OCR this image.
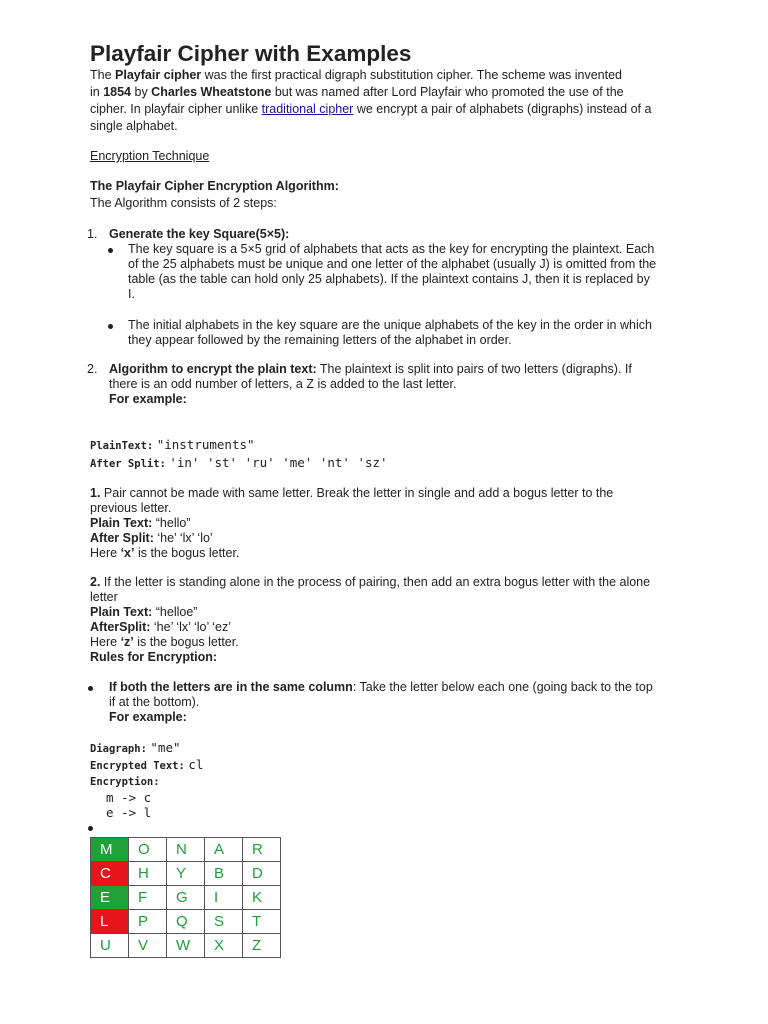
Playfair Cipher with Examples
The Playfair cipher was the first practical digraph substitution cipher. The scheme was invented
in 1854 by Charles Wheatstone but was named after Lord Playfair who promoted the use of the
cipher. In playfair cipher unlike traditional cipher we encrypt a pair of alphabets (digraphs) instead of a
single alphabet.
Encryption Technique
The Playfair Cipher Encryption Algorithm:
The Algorithm consists of 2 steps:
1. Generate the key Square(5×5):
The key square is a 5×5 grid of alphabets that acts as the key for encrypting the plaintext. Each
of the 25 alphabets must be unique and one letter of the alphabet (usually J) is omitted from the
table (as the table can hold only 25 alphabets). If the plaintext contains J, then it is replaced by
I.
The initial alphabets in the key square are the unique alphabets of the key in the order in which
they appear followed by the remaining letters of the alphabet in order.
2. Algorithm to encrypt the plain text: The plaintext is split into pairs of two letters (digraphs). If
there is an odd number of letters, a Z is added to the last letter.
For example:
PlainText: "instruments"
After Split: 'in' 'st' 'ru' 'me' 'nt' 'sz'
1. Pair cannot be made with same letter. Break the letter in single and add a bogus letter to the
previous letter.
Plain Text: “hello”
After Split: ‘he’ ‘lx’ ‘lo’
Here ‘x’ is the bogus letter.
2. If the letter is standing alone in the process of pairing, then add an extra bogus letter with the alone
letter
Plain Text: “helloe”
AfterSplit: ‘he’ ‘lx’ ‘lo’ ‘ez’
Here ‘z’ is the bogus letter.
Rules for Encryption:
If both the letters are in the same column: Take the letter below each one (going back to the top
if at the bottom).
For example:
Diagraph: "me"
Encrypted Text: cl
Encryption:
m -> c
e -> l
M	O	N	A	R
C	H	Y	B	D
E	F	G	I	K
L	P	Q	S	T
U	V	W	X	Z
